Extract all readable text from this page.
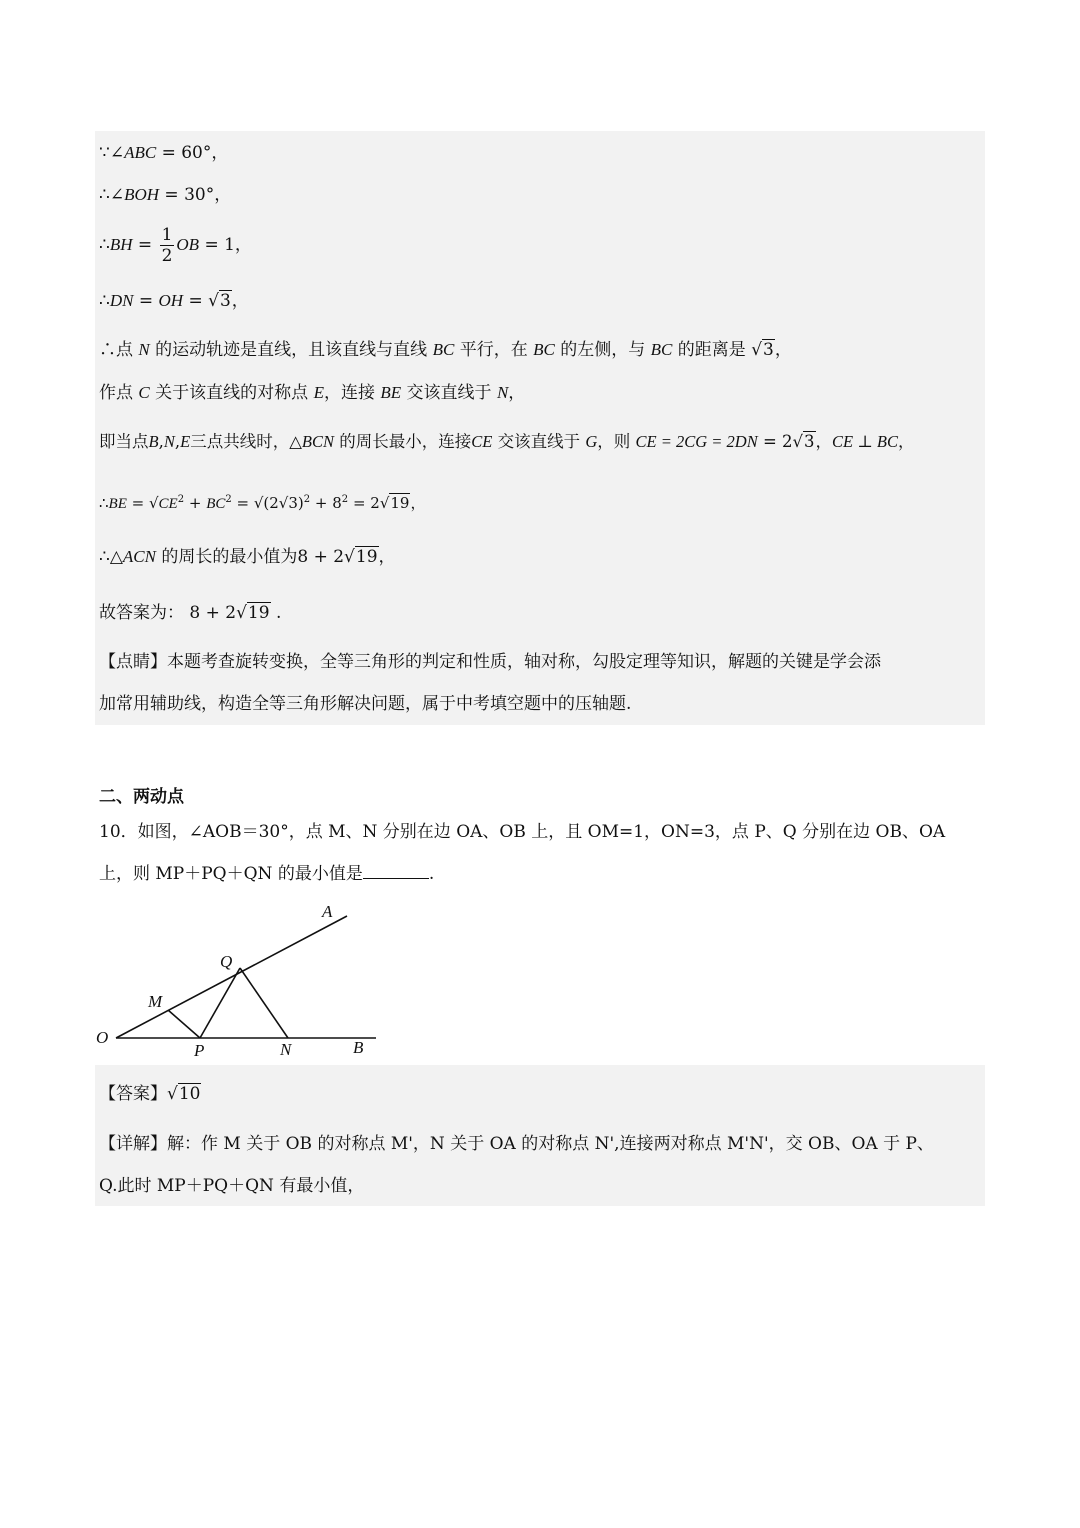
∵∠ABC = 60°，
∴∠BOH = 30°，
∴BH = $\frac{1}{2}$ OB = 1，
∴DN = OH = √3，
∴点 N 的运动轨迹是直线，且该直线与直线 BC 平行，在 BC 的左侧，与 BC 的距离是 √3，
作点 C 关于该直线的对称点 E，连接 BE 交该直线于 N，
即当点B,N,E三点共线时，△BCN 的周长最小，连接CE 交该直线于 G，则 CE = 2CG = 2DN = 2√3，CE ⊥ BC，
∴BE = $√CE^2 + BC^2 = √(2√3)^2 + 8^2 = 2√19$，
∴△ACN 的周长的最小值为8 + 2√19，
故答案为： 8 + 2√19 .
【点睛】本题考查旋转变换，全等三角形的判定和性质，轴对称，勾股定理等知识，解题的关键是学会添
加常用辅助线，构造全等三角形解决问题，属于中考填空题中的压轴题.
二、两动点
10．如图，∠AOB＝30°，点 M、N 分别在边 OA、OB 上，且 OM=1，ON=3，点 P、Q 分别在边 OB、OA
上，则 MP＋PQ＋QN 的最小值是	.
A
Q
M
O
P	N	B
【答案】√10
【详解】解：作 M 关于 OB 的对称点 M'，N 关于 OA 的对称点 N',连接两对称点 M'N'，交 OB、OA 于 P、
Q.此时 MP＋PQ＋QN 有最小值，
